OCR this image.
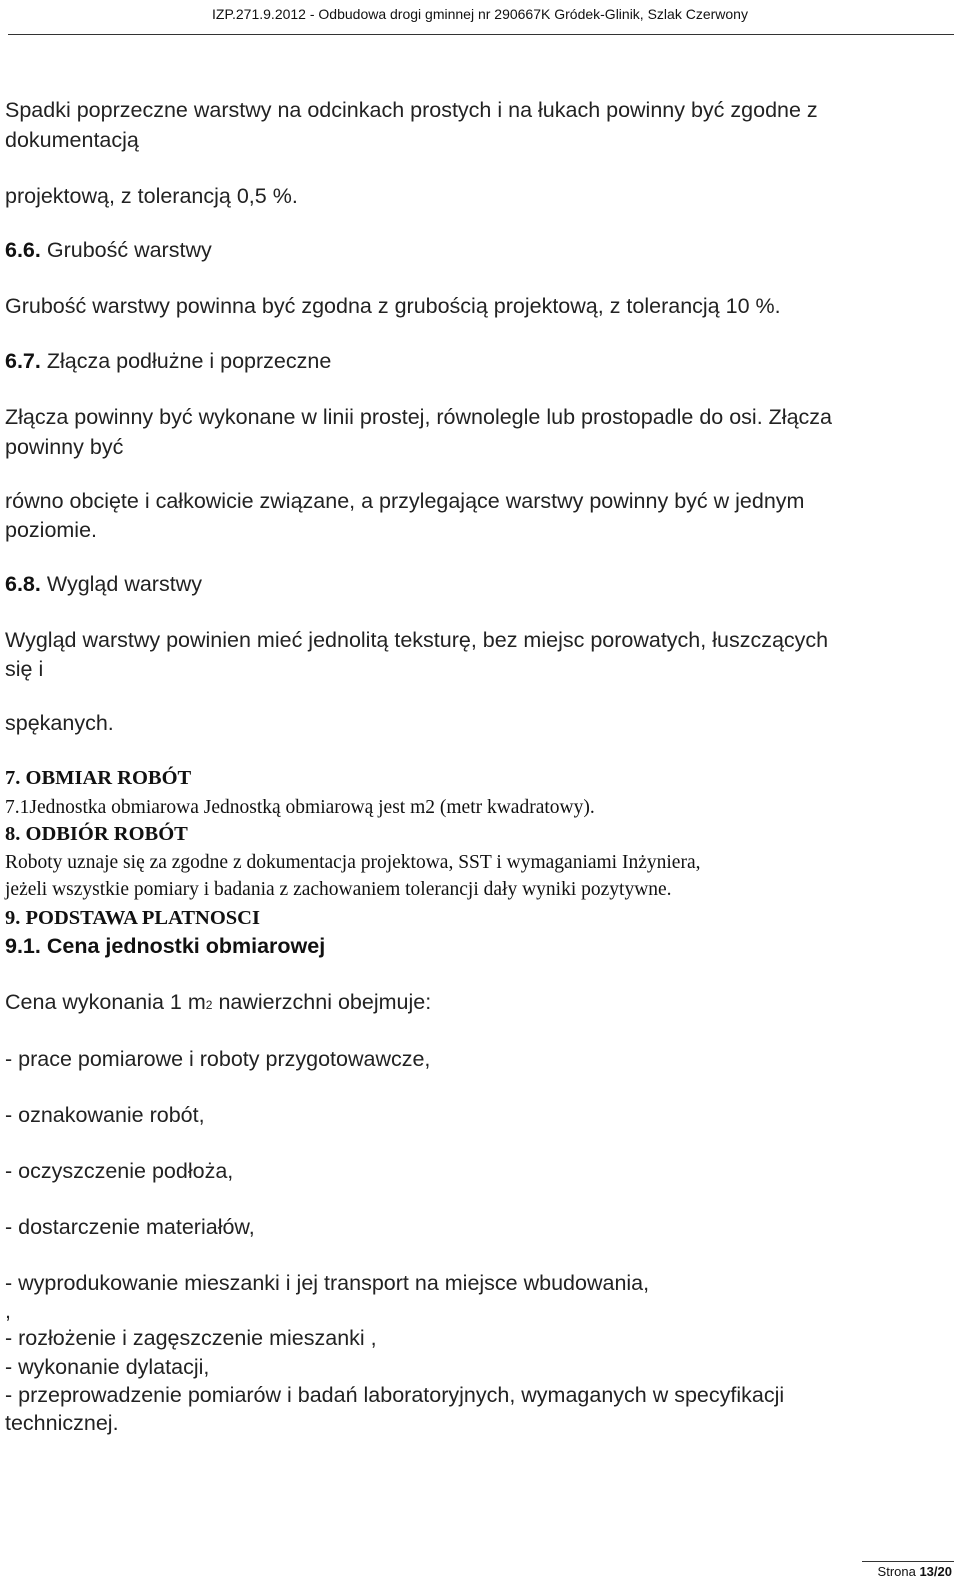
IZP.271.9.2012 - Odbudowa drogi gminnej nr 290667K Gródek-Glinik, Szlak Czerwony
Spadki poprzeczne warstwy na odcinkach prostych i na łukach powinny być zgodne z
dokumentacją
projektową, z tolerancją 0,5 %.
6.6. Grubość warstwy
Grubość warstwy powinna być zgodna z grubością projektową, z tolerancją 10 %.
6.7. Złącza podłużne i poprzeczne
Złącza powinny być wykonane w linii prostej, równolegle lub prostopadle do osi. Złącza
powinny być
równo obcięte i całkowicie związane, a przylegające warstwy powinny być w jednym
poziomie.
6.8. Wygląd warstwy
Wygląd warstwy powinien mieć jednolitą teksturę, bez miejsc porowatych, łuszczących
się i
spękanych.
7. OBMIAR ROBÓT
7.1Jednostka obmiarowa Jednostką obmiarową jest m2 (metr kwadratowy).
8. ODBIÓR ROBÓT
Roboty uznaje się za zgodne z dokumentacja projektowa, SST i wymaganiami Inżyniera,
jeżeli wszystkie pomiary i badania z zachowaniem tolerancji dały wyniki pozytywne.
9. PODSTAWA PLATNOSCI
9.1. Cena jednostki obmiarowej
Cena wykonania 1 m2 nawierzchni obejmuje:
- prace pomiarowe i roboty przygotowawcze,
- oznakowanie robót,
- oczyszczenie podłoża,
- dostarczenie materiałów,
- wyprodukowanie mieszanki i jej transport na miejsce wbudowania,
,
- rozłożenie i zagęszczenie mieszanki ,
- wykonanie dylatacji,
- przeprowadzenie pomiarów i badań laboratoryjnych, wymaganych w specyfikacji
technicznej.
Strona 13/20
